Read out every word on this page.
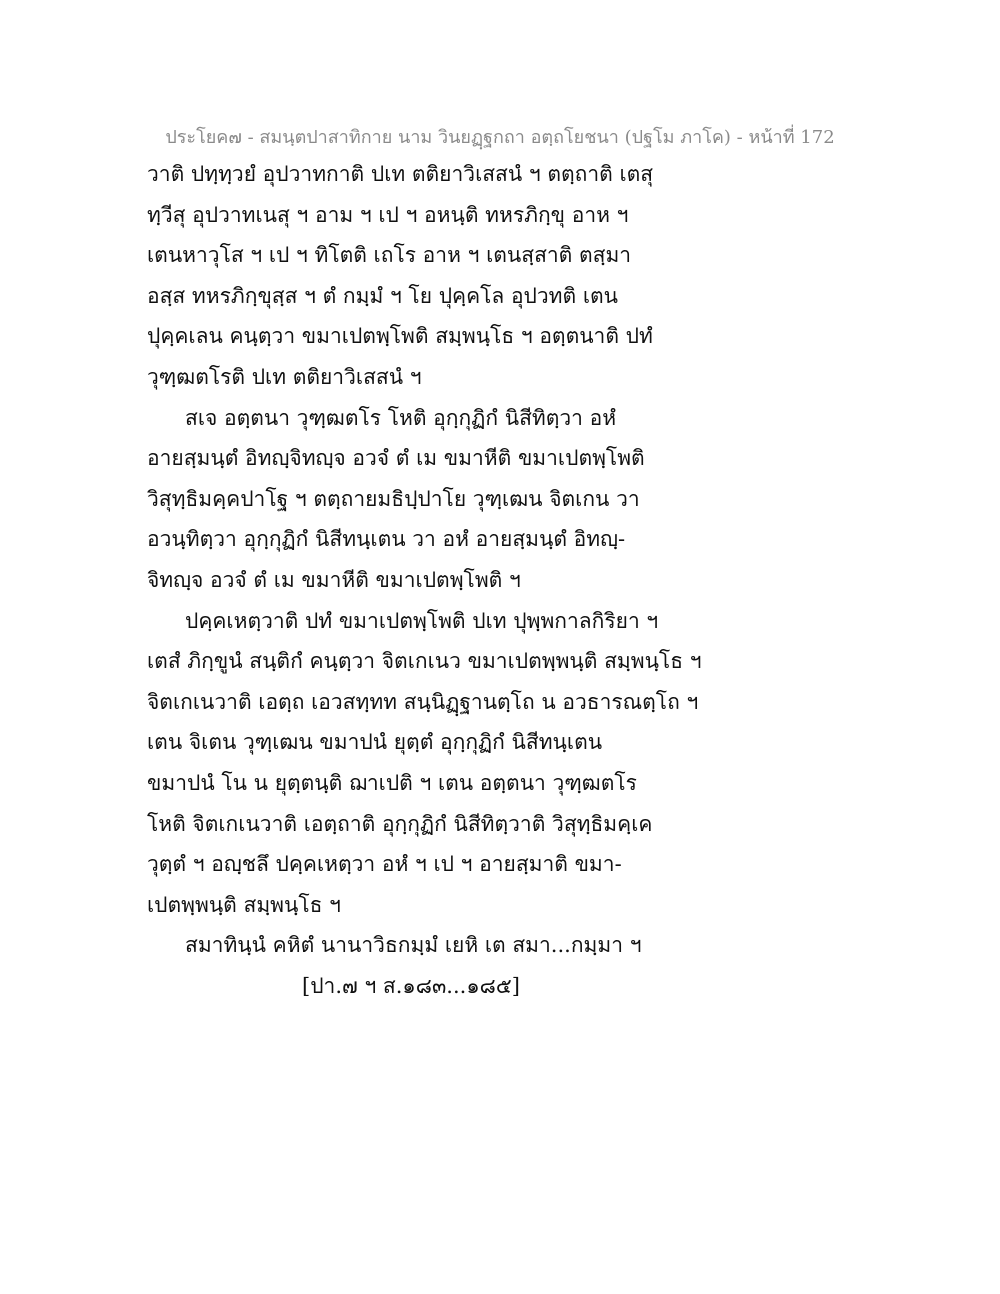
ประโยค๗ - สมนฺตปาสาทิกาย นาม วินยฏฺฐกถา อตฺถโยชนา (ปฐโม ภาโค) - หน้าที่ 172
วาติ ปทฺทฺวยํ อุปวาทกาติ ปเท ตติยาวิเสสนํ ฯ ตตฺถาติ เตสุ
ทฺวีสุ อุปวาทเนสุ ฯ อาม ฯ เป ฯ อหนฺติ ทหรภิกฺขุ อาห ฯ
เตนหาวุโส ฯ เป ฯ ทิโตติ เถโร อาห ฯ เตนสฺสาติ ตสฺมา
อสฺส ทหรภิกฺขุสฺส ฯ ตํ กมฺมํ ฯ โย ปุคฺคโล อุปวทติ เตน
ปุคฺคเลน คนฺตฺวา ขมาเปตพฺโพติ สมฺพนฺโธ ฯ อตฺตนาติ ปทํ
วุฑฺฒตโรติ ปเท ตติยาวิเสสนํ ฯ
สเจ อตฺตนา วุฑฺฒตโร โหติ อุกฺกุฏิกํ นิสีทิตฺวา อหํ
อายสฺมนฺตํ อิทญฺจิทญฺจ อวจํ ตํ เม ขมาหีติ ขมาเปตพฺโพติ
วิสุทฺธิมคฺคปาโฐ ฯ ตตฺถายมธิปฺปาโย วุฑฺเฒน จิตเกน วา
อวนฺทิตฺวา อุกฺกุฏิกํ นิสีทนฺเตน วา อหํ อายสฺมนฺตํ อิทญฺ-
จิทญฺจ อวจํ ตํ เม ขมาหีติ ขมาเปตพฺโพติ ฯ
ปคฺคเหตฺวาติ ปทํ ขมาเปตพฺโพติ ปเท ปุพฺพกาลกิริยา ฯ
เตสํ ภิกฺขูนํ สนฺติกํ คนฺตฺวา จิตเกเนว ขมาเปตพฺพนฺติ สมฺพนฺโธ ฯ
จิตเกเนวาติ เอตฺถ เอวสทฺทท สนฺนิฏฺฐานตฺโถ น อวธารณตฺโถ ฯ
เตน จิเตน วุฑฺเฒน ขมาปนํ ยุตฺตํ อุกฺกุฏิกํ นิสีทนฺเตน
ขมาปนํ โน น ยุตฺตนฺติ ฌาเปติ ฯ เตน อตฺตนา วุฑฺฒตโร
โหติ จิตเกเนวาติ เอตฺถาติ อุกฺกุฏิกํ นิสีทิตฺวาติ วิสุทฺธิมคฺเค
วุตฺตํ ฯ อญฺชลึ ปคฺคเหตฺวา อหํ ฯ เป ฯ อายสฺมาติ ขมา-
เปตพฺพนฺติ สมฺพนฺโธ ฯ
สมาทินฺนํ คหิตํ นานาวิธกมฺมํ เยหิ เต สมา...กมฺมา ฯ
[ปา.๗ ฯ ส.๑๘๓...๑๘๕]
